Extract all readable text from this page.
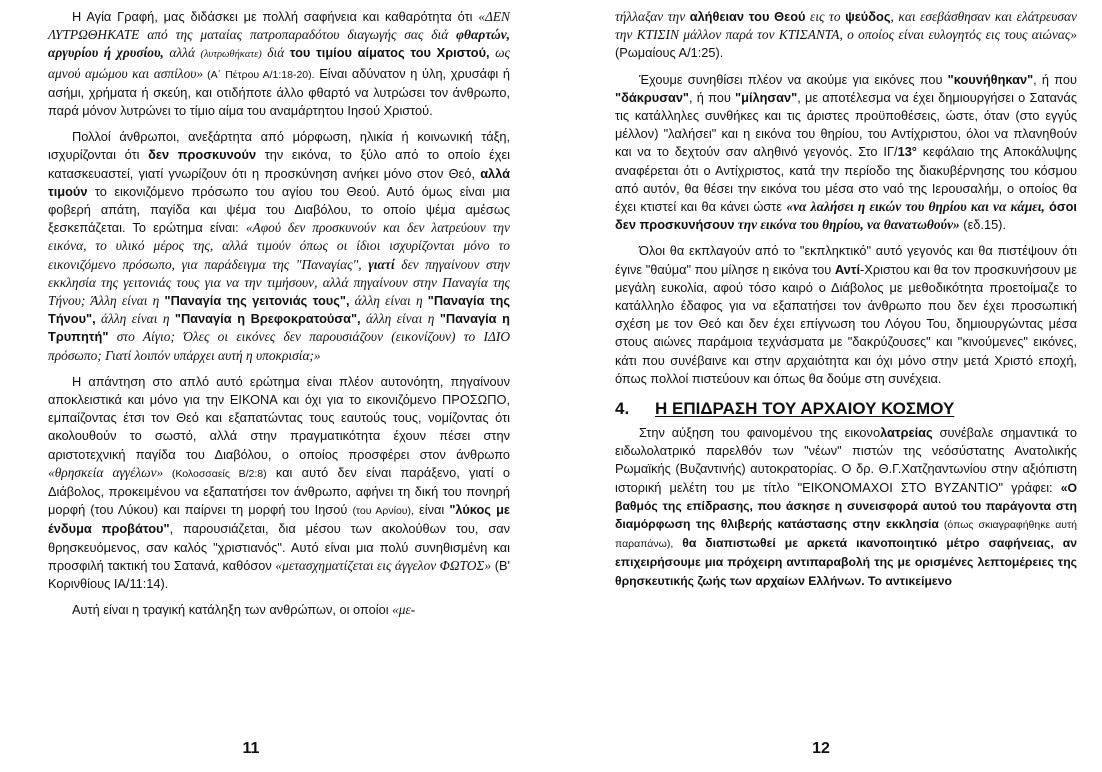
Η Αγία Γραφή, μας διδάσκει με πολλή σαφήνεια και καθαρότητα ότι «ΔΕΝ ΛΥΤΡΩΘΗΚΑΤΕ από της ματαίας πατροπαραδότου διαγωγής σας διά φθαρτών, αργυρίου ή χρυσίου, αλλά (λυτρωθήκατε) διά του τιμίου αίματος του Χριστού, ως αμνού αμώμου και ασπίλου» (Α΄ Πέτρου Α/1:18-20). Είναι αδύνατον η ύλη, χρυσάφι ή ασήμι, χρήματα ή σκεύη, και οτιδήποτε άλλο φθαρτό να λυτρώσει τον άνθρωπο, παρά μόνον λυτρώνει το τίμιο αίμα του αναμάρτητου Ιησού Χριστού.

Πολλοί άνθρωποι, ανεξάρτητα από μόρφωση, ηλικία ή κοινωνική τάξη, ισχυρίζονται ότι δεν προσκυνούν την εικόνα, το ξύλο από το οποίο έχει κατασκευαστεί, γιατί γνωρίζουν ότι η προσκύνηση ανήκει μόνο στον Θεό, αλλά τιμούν το εικονιζόμενο πρόσωπο του αγίου του Θεού. Αυτό όμως είναι μια φοβερή απάτη, παγίδα και ψέμα του Διαβόλου, το οποίο ψέμα αμέσως ξεσκεπάζεται. Το ερώτημα είναι: «Αφού δεν προσκυνούν και δεν λατρεύουν την εικόνα, το υλικό μέρος της, αλλά τιμούν όπως οι ίδιοι ισχυρίζονται μόνο το εικονιζόμενο πρόσωπο, για παράδειγμα της "Παναγίας", γιατί δεν πηγαίνουν στην εκκλησία της γειτονιάς τους για να την τιμήσουν, αλλά πηγαίνουν στην Παναγία της Τήνου; Άλλη είναι η "Παναγία της γειτονιάς τους", άλλη είναι η "Παναγία της Τήνου", άλλη είναι η "Παναγία η Βρεφοκρατούσα", άλλη είναι η "Παναγία η Τρυπητή" στο Αίγιο; Όλες οι εικόνες δεν παρουσιάζουν (εικονίζουν) το ΙΔΙΟ πρόσωπο; Γιατί λοιπόν υπάρχει αυτή η υποκρισία;»

Η απάντηση στο απλό αυτό ερώτημα είναι πλέον αυτονόητη, πηγαίνουν αποκλειστικά και μόνο για την ΕΙΚΟΝΑ και όχι για το εικονιζόμενο ΠΡΟΣΩΠΟ, εμπαίζοντας έτσι τον Θεό και εξαπατώντας τους εαυτούς τους, νομίζοντας ότι ακολουθούν το σωστό, αλλά στην πραγματικότητα έχουν πέσει στην αριστοτεχνική παγίδα του Διαβόλου, ο οποίος προσφέρει στον άνθρωπο «θρησκεία αγγέλων» (Κολοσσαείς Β/2:8) και αυτό δεν είναι παράξενο, γιατί ο Διάβολος, προκειμένου να εξαπατήσει τον άνθρωπο, αφήνει τη δική του πονηρή μορφή (του Λύκου) και παίρνει τη μορφή του Ιησού (του Αρνίου), είναι "λύκος με ένδυμα προβάτου", παρουσιάζεται, δια μέσου των ακολούθων του, σαν θρησκευόμενος, σαν καλός "χριστιανός". Αυτό είναι μια πολύ συνηθισμένη και προσφιλή τακτική του Σατανά, καθόσον «μετασχηματίζεται εις άγγελον ΦΩΤΟΣ» (Β' Κορινθίους ΙΑ/11:14).

Αυτή είναι η τραγική κατάληξη των ανθρώπων, οι οποίοι «με-

11

τήλλαξαν την αλήθειαν του Θεού εις το ψεύδος, και εσεβάσθησαν και ελάτρευσαν την ΚΤΙΣΙΝ μάλλον παρά τον ΚΤΙΣΑΝΤΑ, ο οποίος είναι ευλογητός εις τους αιώνας» (Ρωμαίους Α/1:25).

Έχουμε συνηθίσει πλέον να ακούμε για εικόνες που "κουνήθηκαν", ή που "δάκρυσαν", ή που "μίλησαν", με αποτέλεσμα να έχει δημιουργήσει ο Σατανάς τις κατάλληλες συνθήκες και τις άριστες προϋποθέσεις, ώστε, όταν (στο εγγύς μέλλον) "λαλήσει" και η εικόνα του θηρίου, του Αντίχριστου, όλοι να πλανηθούν και να το δεχτούν σαν αληθινό γεγονός. Στο ΙΓ/13° κεφάλαιο της Αποκάλυψης αναφέρεται ότι ο Αντίχριστος, κατά την περίοδο της διακυβέρνησης του κόσμου από αυτόν, θα θέσει την εικόνα του μέσα στο ναό της Ιερουσαλήμ, ο οποίος θα έχει κτιστεί και θα κάνει ώστε «να λαλήσει η εικών του θηρίου και να κάμει, όσοι δεν προσκυνήσουν την εικόνα του θηρίου, να θανατωθούν» (εδ.15).

Όλοι θα εκπλαγούν από το "εκπληκτικό" αυτό γεγονός και θα πιστέψουν ότι έγινε "θαύμα" που μίλησε η εικόνα του Αντί-Χριστου και θα τον προσκυνήσουν με μεγάλη ευκολία, αφού τόσο καιρό ο Διάβολος με μεθοδικότητα προετοίμαζε το κατάλληλο έδαφος για να εξαπατήσει τον άνθρωπο που δεν έχει προσωπική σχέση με τον Θεό και δεν έχει επίγνωση του Λόγου Του, δημιουργώντας μέσα στους αιώνες παράμοια τεχνάσματα με "δακρύζουσες" και "κινούμενες" εικόνες, κάτι που συνέβαινε και στην αρχαιότητα και όχι μόνο στην μετά Χριστό εποχή, όπως πολλοί πιστεύουν και όπως θα δούμε στη συνέχεια.

4. Η ΕΠΙΔΡΑΣΗ ΤΟΥ ΑΡΧΑΙΟΥ ΚΟΣΜΟΥ

Στην αύξηση του φαινομένου της εικονολατρείας συνέβαλε σημαντικά το ειδωλολατρικό παρελθόν των "νέων" πιστών της νεόσύστατης Ανατολικής Ρωμαϊκής (Βυζαντινής) αυτοκρατορίας. Ο δρ. Θ.Γ.Χατζηαντωνίου στην αξιόπιστη ιστορική μελέτη του με τίτλο "ΕΙΚΟΝΟΜΑΧΟΙ ΣΤΟ ΒΥΖΑΝΤΙΟ" γράφει: «Ο βαθμός της επίδρασης, που άσκησε η συνεισφορά αυτού του παράγοντα στη διαμόρφωση της θλιβερής κατάστασης στην εκκλησία (όπως σκιαγραφήθηκε αυτή παραπάνω), θα διαπιστωθεί με αρκετά ικανοποιητικό μέτρο σαφήνειας, αν επιχειρήσουμε μια πρόχειρη αντιπαραβολή της με ορισμένες λεπτομέρειες της θρησκευτικής ζωής των αρχαίων Ελλήνων. Το αντικείμενο

12
